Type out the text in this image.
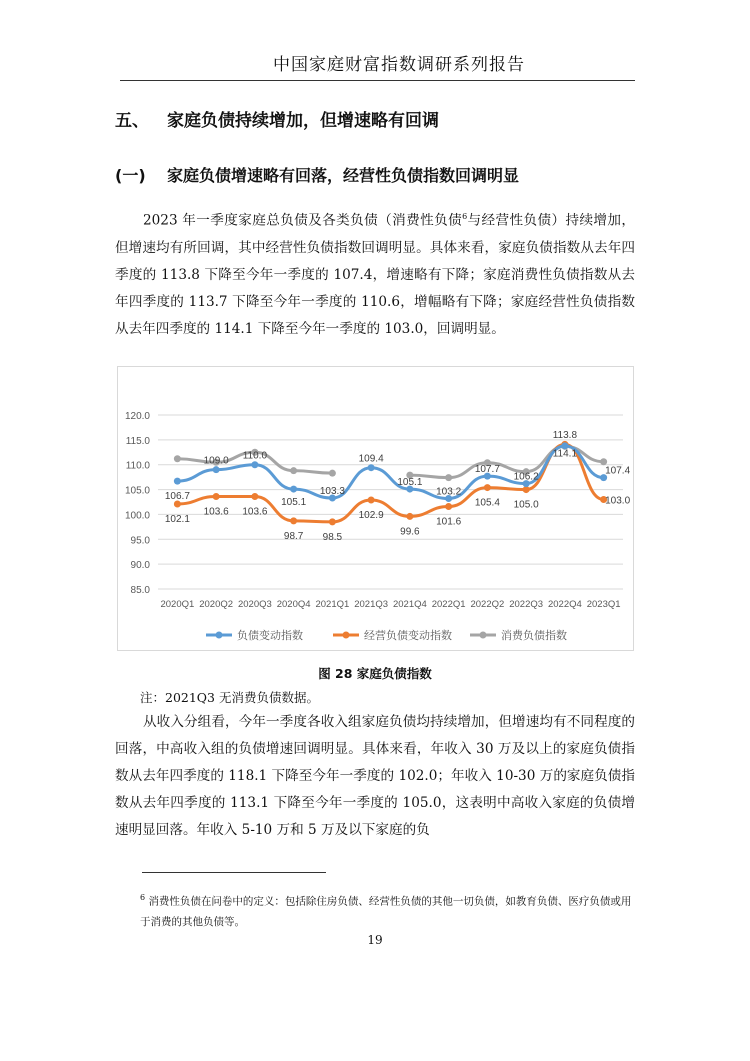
中国家庭财富指数调研系列报告
五、 家庭负债持续增加，但增速略有回调
(一) 家庭负债增速略有回落，经营性负债指数回调明显
2023 年一季度家庭总负债及各类负债（消费性负债$^6$与经营性负债）持续增加，但增速均有所回调，其中经营性负债指数回调明显。具体来看，家庭负债指数从去年四季度的 113.8 下降至今年一季度的 107.4，增速略有下降；家庭消费性负债指数从去年四季度的 113.7 下降至今年一季度的 110.6，增幅略有下降；家庭经营性负债指数从去年四季度的 114.1 下降至今年一季度的 103.0，回调明显。
85.0
90.0
95.0
100.0
105.0
110.0
115.0
120.0
2020Q1 2020Q2 2020Q3 2020Q4 2021Q1 2021Q3 2021Q4 2022Q1 2022Q2 2022Q3 2022Q4 2023Q1
106.7
109.0 110.0
105.1
103.3
109.4
105.1
103.2
107.7
106.2
113.8
107.4
102.1
103.6 103.6
98.7 98.5
102.9
99.6
101.6
105.4 105.0
114.1
103.0
负债变动指数	经营负债变动指数	消费负债指数
图 28 家庭负债指数
注：2021Q3 无消费负债数据。
从收入分组看，今年一季度各收入组家庭负债均持续增加，但增速均有不同程度的回落，中高收入组的负债增速回调明显。具体来看，年收入 30 万及以上的家庭负债指数从去年四季度的 118.1 下降至今年一季度的 102.0；年收入 10-30 万的家庭负债指数从去年四季度的 113.1 下降至今年一季度的 105.0，这表明中高收入家庭的负债增速明显回落。年收入 5-10 万和 5 万及以下家庭的负
$^6$ 消费性负债在问卷中的定义：包括除住房负债、经营性负债的其他一切负债，如教育负债、医疗负债或用于消费的其他负债等。
19
